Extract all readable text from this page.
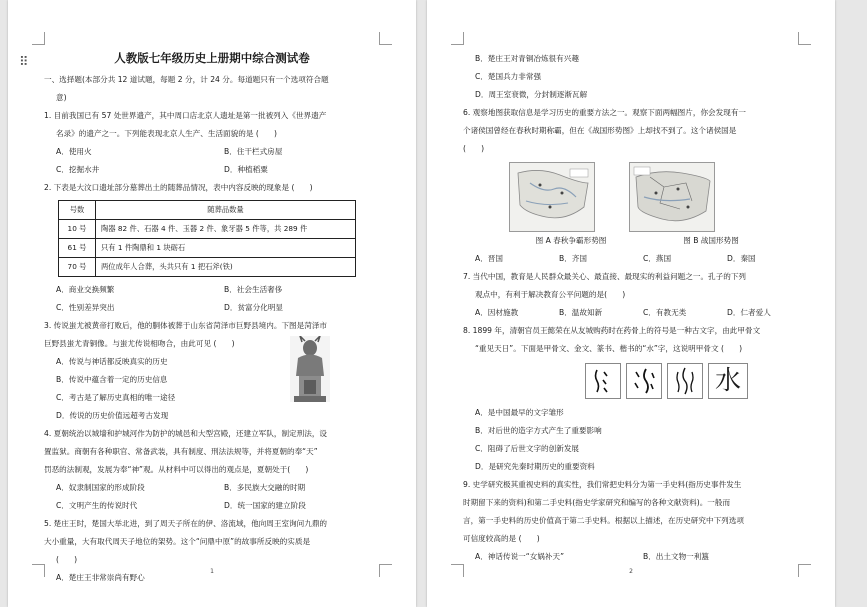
⠿	人教版七年级历史上册期中综合测试卷
一、选择题(本部分共 12 道试题，每题 2 分，计 24 分。每道题只有一个选项符合题
意)
1. 目前我国已有 57 处世界遗产，其中周口店北京人遗址是第一批被列入《世界遗产
名录》的遗产之一。下列能表现北京人生产、生活面貌的是 (　　)
A．使用火	B．住干栏式房屋
C．挖掘水井	D．种植稻粟
2. 下表是大汶口遗址部分墓葬出土的随葬品情况，表中内容反映的现象是 (　　)
号数	随葬品数量
10 号	陶器 82 件、石器 4 件、玉器 2 件、象牙器 5 件等，共 289 件
61 号	只有 1 件陶鼎和 1 块砺石
70 号	两位成年人合葬，头共只有 1 把石斧(铁)
A．商业交换频繁	B．社会生活奢侈
C．性别差异突出	D．贫富分化明显
3. 传说蚩尤被黄帝打败后，他的胴体被葬于山东省菏泽市巨野县境内。下图是菏泽市
巨野县蚩尤青铜像。与蚩尤传说相吻合，由此可见 (　　)
A．传说与神话都反映真实的历史
B．传说中蕴含着一定的历史信息
C．考古是了解历史真相的唯一途径
D．传说的历史价值远超考古发现
4. 夏朝统治以城墙和护城河作为防护的城邑和大型宫殿，还建立军队，制定刑法，设
置监狱。商朝有各种职官、常备武装，具有制度、刑法法规等，并将夏朝的奉“天”
罚恶的法制观，发展为奉“神”观。从材料中可以得出的观点是，夏朝处于(　　)
A．奴隶制国家的形成阶段	B．多民族大交融的时期
C．文明产生的传说时代	D．统一国家的建立阶段
5. 楚庄王时，楚国大举北进，到了周天子所在的伊、洛流域，他向周王室询问九鼎的
大小重量，大有取代周天子地位的架势。这个“问鼎中原”的故事所反映的实质是
(　　)
A．楚庄王非常崇尚有野心
1
B．楚庄王对青铜冶炼很有兴趣
C．楚国兵力非常强
D．周王室衰微，分封制逐渐瓦解
6. 观察地图获取信息是学习历史的重要方法之一。观察下面两幅图片，你会发现有一
个诸侯国曾经在春秋时期称霸，但在《战国形势图》上却找不到了。这个诸侯国是
(　　)
图 A 春秋争霸形势图	图 B 战国形势图
A．晋国	B．齐国	C．燕国	D．秦国
7. 当代中国，教育是人民群众最关心、最直接、最现实的利益问题之一。孔子的下列
观点中，有利于解决教育公平问题的是(　　)
A．因材施教	B．温故知新	C．有教无类	D．仁者爱人
8. 1899 年，清朝官员王懿荣在从友城购药时在药骨上的符号是一种古文字，由此甲骨文
“重见天日”。下面是甲骨文、金文、篆书、楷书的“水”字，这说明甲骨文 (　　)
水
A．是中国最早的文字雏形
B．对后世的造字方式产生了重要影响
C．阻碍了后世文字的创新发展
D．是研究先秦时期历史的重要资料
9. 史学研究极其重视史料的真实性，我们常把史料分为第一手史料(指历史事件发生
时期留下来的资料)和第二手史料(指史学家研究和编写的各种文献资料)。一般而
言，第一手史料的历史价值高于第二手史料。根据以上描述，在历史研究中下列选项
可信度较高的是 (　　)
A．神话传说一“女娲补天”	B．出土文物一利簋
2
